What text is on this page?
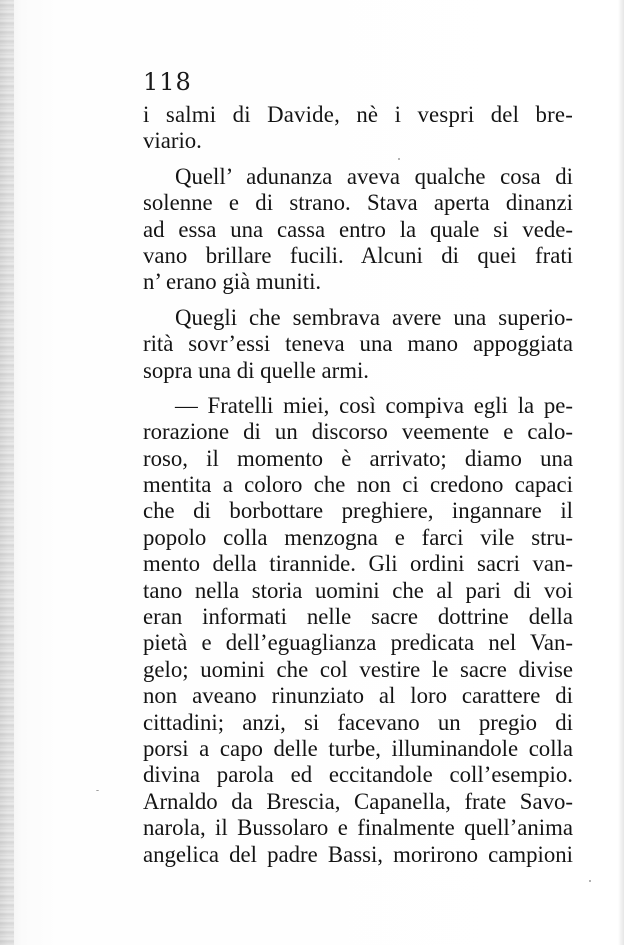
118

i salmi di Davide, nè i vespri del bre-
viario.
Quell’ adunanza aveva qualche cosa di
solenne e di strano. Stava aperta dinanzi
ad essa una cassa entro la quale si vede-
vano brillare fucili. Alcuni di quei frati
n’ erano già muniti.
Quegli che sembrava avere una superio-
rità sovr’essi teneva una mano appoggiata
sopra una di quelle armi.
— Fratelli miei, così compiva egli la pe-
rorazione di un discorso veemente e calo-
roso, il momento è arrivato; diamo una
mentita a coloro che non ci credono capaci
che di borbottare preghiere, ingannare il
popolo colla menzogna e farci vile stru-
mento della tirannide. Gli ordini sacri van-
tano nella storia uomini che al pari di voi
eran informati nelle sacre dottrine della
pietà e dell’eguaglianza predicata nel Van-
gelo; uomini che col vestire le sacre divise
non aveano rinunziato al loro carattere di
cittadini; anzi, si facevano un pregio di
porsi a capo delle turbe, illuminandole colla
divina parola ed eccitandole coll’esempio.
Arnaldo da Brescia, Capanella, frate Savo-
narola, il Bussolaro e finalmente quell’anima
angelica del padre Bassi, morirono campioni
